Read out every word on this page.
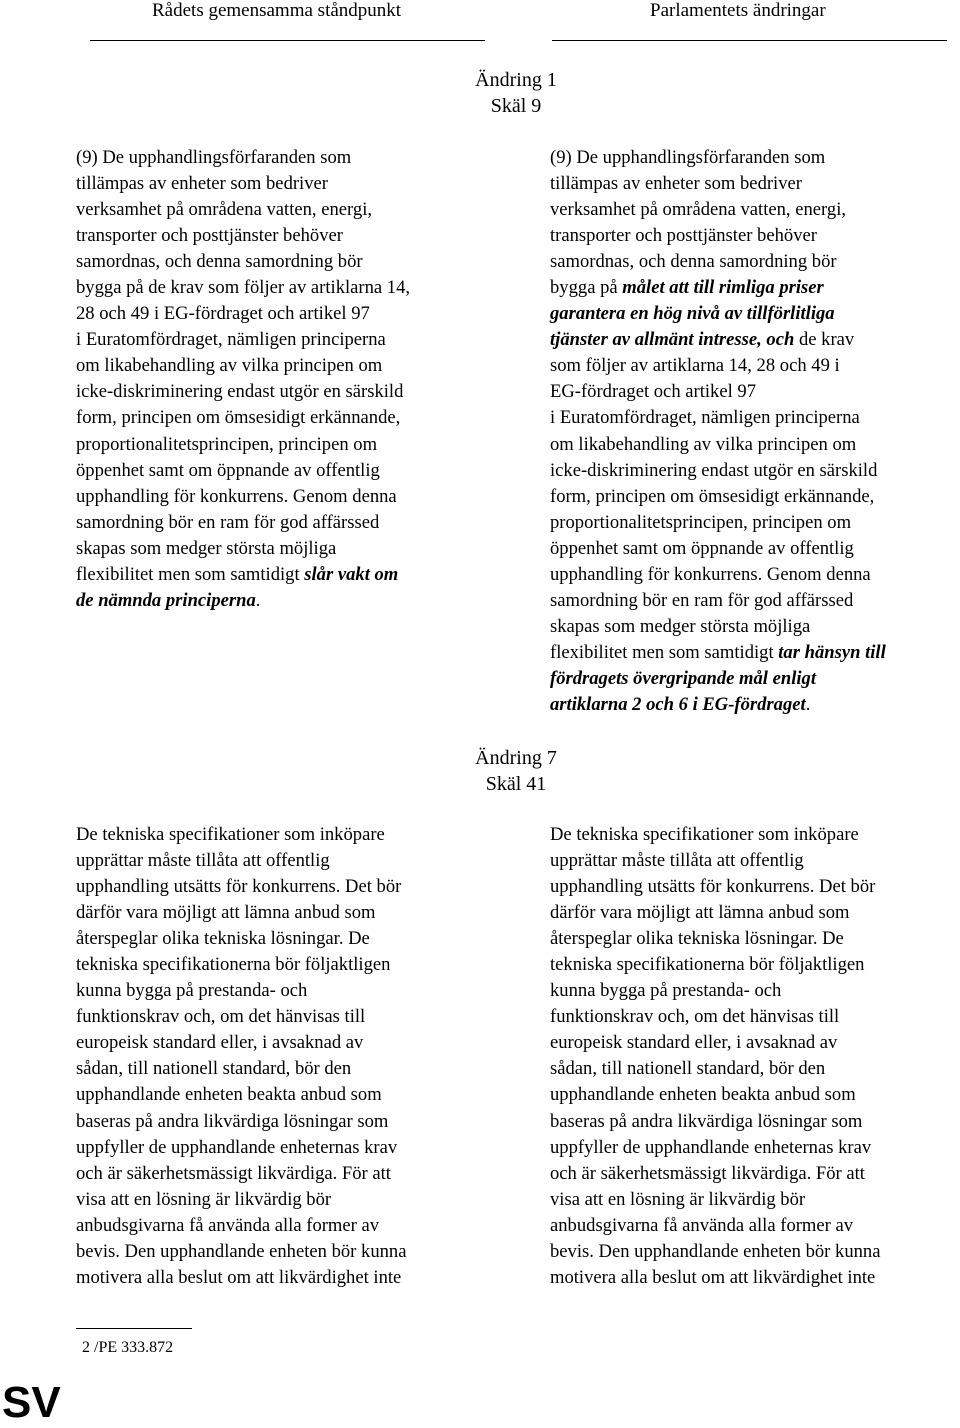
Rådets gemensamma ståndpunkt	Parlamentets ändringar
Ändring 1
Skäl 9
(9) De upphandlingsförfaranden som
tillämpas av enheter som bedriver
verksamhet på områdena vatten, energi,
transporter och posttjänster behöver
samordnas, och denna samordning bör
bygga på de krav som följer av artiklarna 14,
28 och 49 i EG-fördraget och artikel 97
i Euratomfördraget, nämligen principerna
om likabehandling av vilka principen om
icke-diskriminering endast utgör en särskild
form, principen om ömsesidigt erkännande,
proportionalitetsprincipen, principen om
öppenhet samt om öppnande av offentlig
upphandling för konkurrens. Genom denna
samordning bör en ram för god affärssed
skapas som medger största möjliga
flexibilitet men som samtidigt slår vakt om
de nämnda principerna.
(9) De upphandlingsförfaranden som
tillämpas av enheter som bedriver
verksamhet på områdena vatten, energi,
transporter och posttjänster behöver
samordnas, och denna samordning bör
bygga på målet att till rimliga priser
garantera en hög nivå av tillförlitliga
tjänster av allmänt intresse, och de krav
som följer av artiklarna 14, 28 och 49 i
EG-fördraget och artikel 97
i Euratomfördraget, nämligen principerna
om likabehandling av vilka principen om
icke-diskriminering endast utgör en särskild
form, principen om ömsesidigt erkännande,
proportionalitetsprincipen, principen om
öppenhet samt om öppnande av offentlig
upphandling för konkurrens. Genom denna
samordning bör en ram för god affärssed
skapas som medger största möjliga
flexibilitet men som samtidigt tar hänsyn till
fördragets övergripande mål enligt
artiklarna 2 och 6 i EG-fördraget.
Ändring 7
Skäl 41
De tekniska specifikationer som inköpare
upprättar måste tillåta att offentlig
upphandling utsätts för konkurrens. Det bör
därför vara möjligt att lämna anbud som
återspeglar olika tekniska lösningar. De
tekniska specifikationerna bör följaktligen
kunna bygga på prestanda- och
funktionskrav och, om det hänvisas till
europeisk standard eller, i avsaknad av
sådan, till nationell standard, bör den
upphandlande enheten beakta anbud som
baseras på andra likvärdiga lösningar som
uppfyller de upphandlande enheternas krav
och är säkerhetsmässigt likvärdiga. För att
visa att en lösning är likvärdig bör
anbudsgivarna få använda alla former av
bevis. Den upphandlande enheten bör kunna
motivera alla beslut om att likvärdighet inte
De tekniska specifikationer som inköpare
upprättar måste tillåta att offentlig
upphandling utsätts för konkurrens. Det bör
därför vara möjligt att lämna anbud som
återspeglar olika tekniska lösningar. De
tekniska specifikationerna bör följaktligen
kunna bygga på prestanda- och
funktionskrav och, om det hänvisas till
europeisk standard eller, i avsaknad av
sådan, till nationell standard, bör den
upphandlande enheten beakta anbud som
baseras på andra likvärdiga lösningar som
uppfyller de upphandlande enheternas krav
och är säkerhetsmässigt likvärdiga. För att
visa att en lösning är likvärdig bör
anbudsgivarna få använda alla former av
bevis. Den upphandlande enheten bör kunna
motivera alla beslut om att likvärdighet inte
2 /PE 333.872
SV
